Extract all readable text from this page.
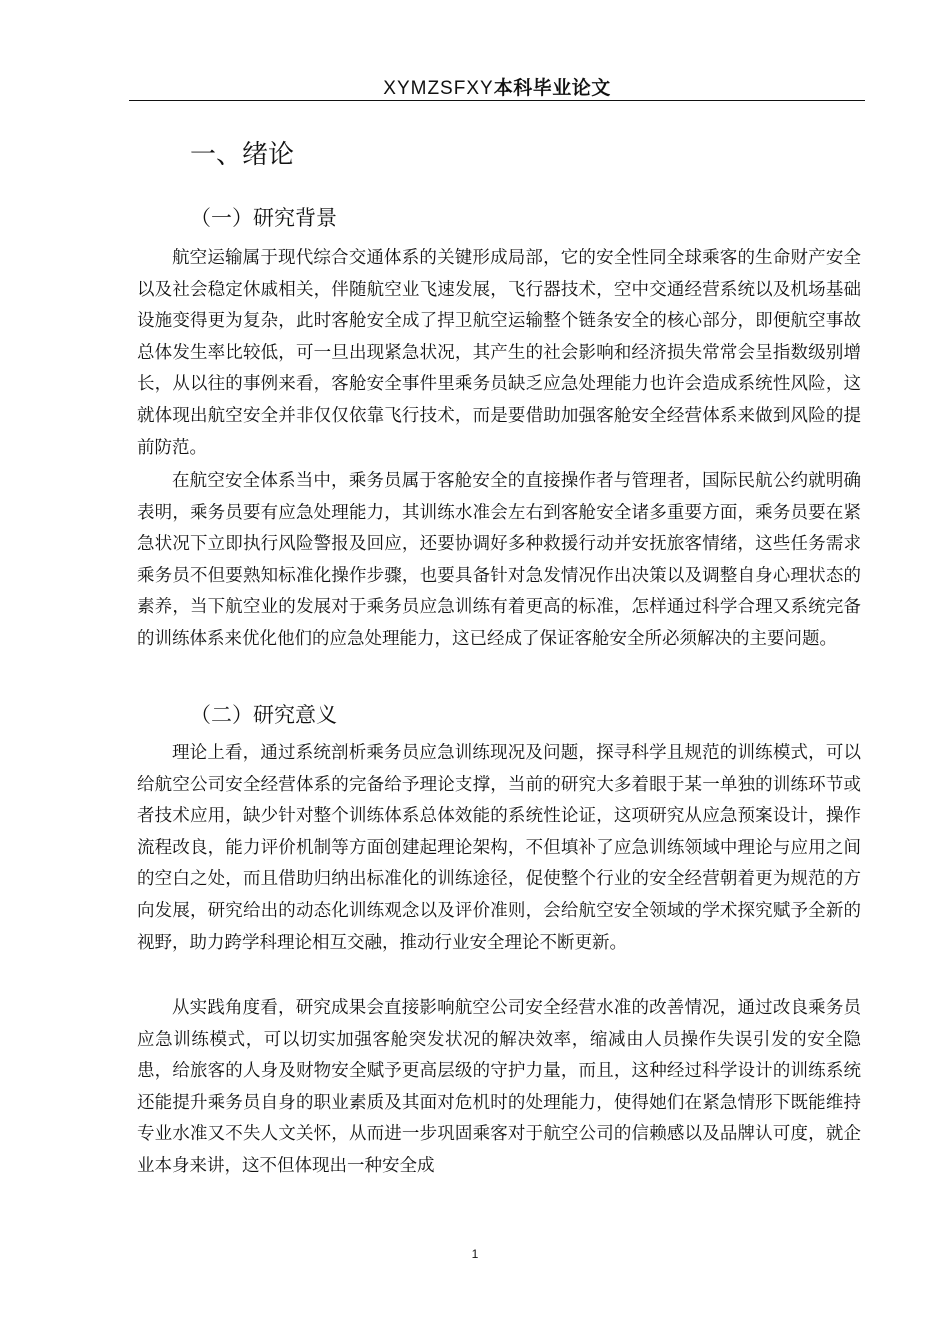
XYMZSFXY本科毕业论文
一、绪论
（一）研究背景

航空运输属于现代综合交通体系的关键形成局部，它的安全性同全球乘客的生命财产安全以及社会稳定休戚相关，伴随航空业飞速发展，飞行器技术，空中交通经营系统以及机场基础设施变得更为复杂，此时客舱安全成了捍卫航空运输整个链条安全的核心部分，即便航空事故总体发生率比较低，可一旦出现紧急状况，其产生的社会影响和经济损失常常会呈指数级别增长，从以往的事例来看，客舱安全事件里乘务员缺乏应急处理能力也许会造成系统性风险，这就体现出航空安全并非仅仅依靠飞行技术，而是要借助加强客舱安全经营体系来做到风险的提前防范。

在航空安全体系当中，乘务员属于客舱安全的直接操作者与管理者，国际民航公约就明确表明，乘务员要有应急处理能力，其训练水准会左右到客舱安全诸多重要方面，乘务员要在紧急状况下立即执行风险警报及回应，还要协调好多种救援行动并安抚旅客情绪，这些任务需求乘务员不但要熟知标准化操作步骤，也要具备针对急发情况作出决策以及调整自身心理状态的素养，当下航空业的发展对于乘务员应急训练有着更高的标准，怎样通过科学合理又系统完备的训练体系来优化他们的应急处理能力，这已经成了保证客舱安全所必须解决的主要问题。

（二）研究意义

理论上看，通过系统剖析乘务员应急训练现况及问题，探寻科学且规范的训练模式，可以给航空公司安全经营体系的完备给予理论支撑，当前的研究大多着眼于某一单独的训练环节或者技术应用，缺少针对整个训练体系总体效能的系统性论证，这项研究从应急预案设计，操作流程改良，能力评价机制等方面创建起理论架构，不但填补了应急训练领域中理论与应用之间的空白之处，而且借助归纳出标准化的训练途径，促使整个行业的安全经营朝着更为规范的方向发展，研究给出的动态化训练观念以及评价准则，会给航空安全领域的学术探究赋予全新的视野，助力跨学科理论相互交融，推动行业安全理论不断更新。

从实践角度看，研究成果会直接影响航空公司安全经营水准的改善情况，通过改良乘务员应急训练模式，可以切实加强客舱突发状况的解决效率，缩减由人员操作失误引发的安全隐患，给旅客的人身及财物安全赋予更高层级的守护力量，而且，这种经过科学设计的训练系统还能提升乘务员自身的职业素质及其面对危机时的处理能力，使得她们在紧急情形下既能维持专业水准又不失人文关怀，从而进一步巩固乘客对于航空公司的信赖感以及品牌认可度，就企业本身来讲，这不但体现出一种安全成

1
